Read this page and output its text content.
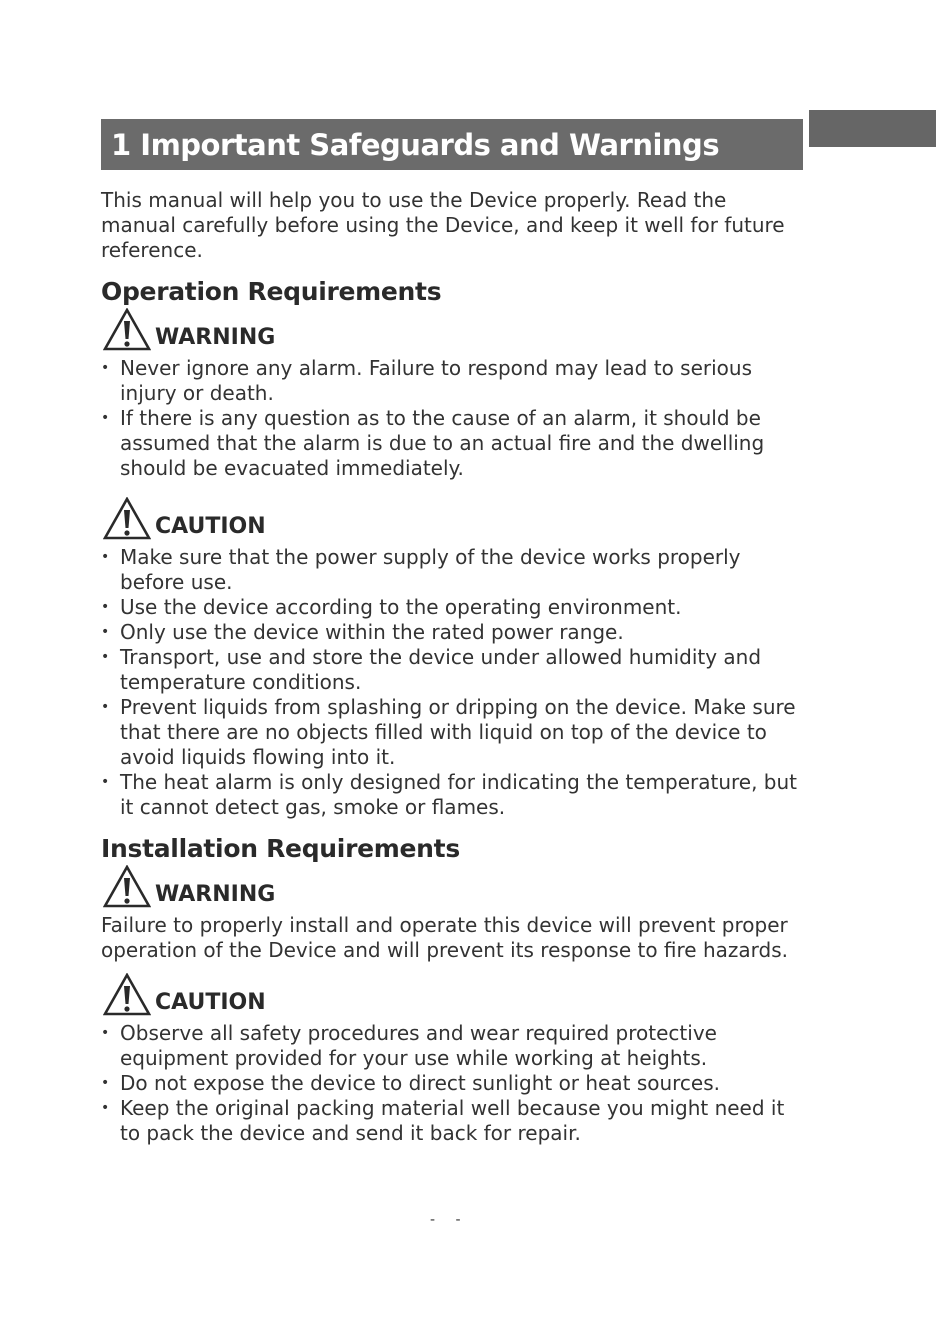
1 Important Safeguards and Warnings

This manual will help you to use the Device properly. Read the manual carefully before using the Device, and keep it well for future reference.

Operation Requirements
WARNING
• Never ignore any alarm. Failure to respond may lead to serious injury or death.
• If there is any question as to the cause of an alarm, it should be assumed that the alarm is due to an actual fire and the dwelling should be evacuated immediately.
CAUTION
• Make sure that the power supply of the device works properly before use.
• Use the device according to the operating environment.
• Only use the device within the rated power range.
• Transport, use and store the device under allowed humidity and temperature conditions.
• Prevent liquids from splashing or dripping on the device. Make sure that there are no objects filled with liquid on top of the device to avoid liquids flowing into it.
• The heat alarm is only designed for indicating the temperature, but it cannot detect gas, smoke or flames.
Installation Requirements
WARNING

Failure to properly install and operate this device will prevent proper operation of the Device and will prevent its response to fire hazards.

CAUTION
• Observe all safety procedures and wear required protective equipment provided for your use while working at heights.
• Do not expose the device to direct sunlight or heat sources.
• Keep the original packing material well because you might need it to pack the device and send it back for repair.
- -
